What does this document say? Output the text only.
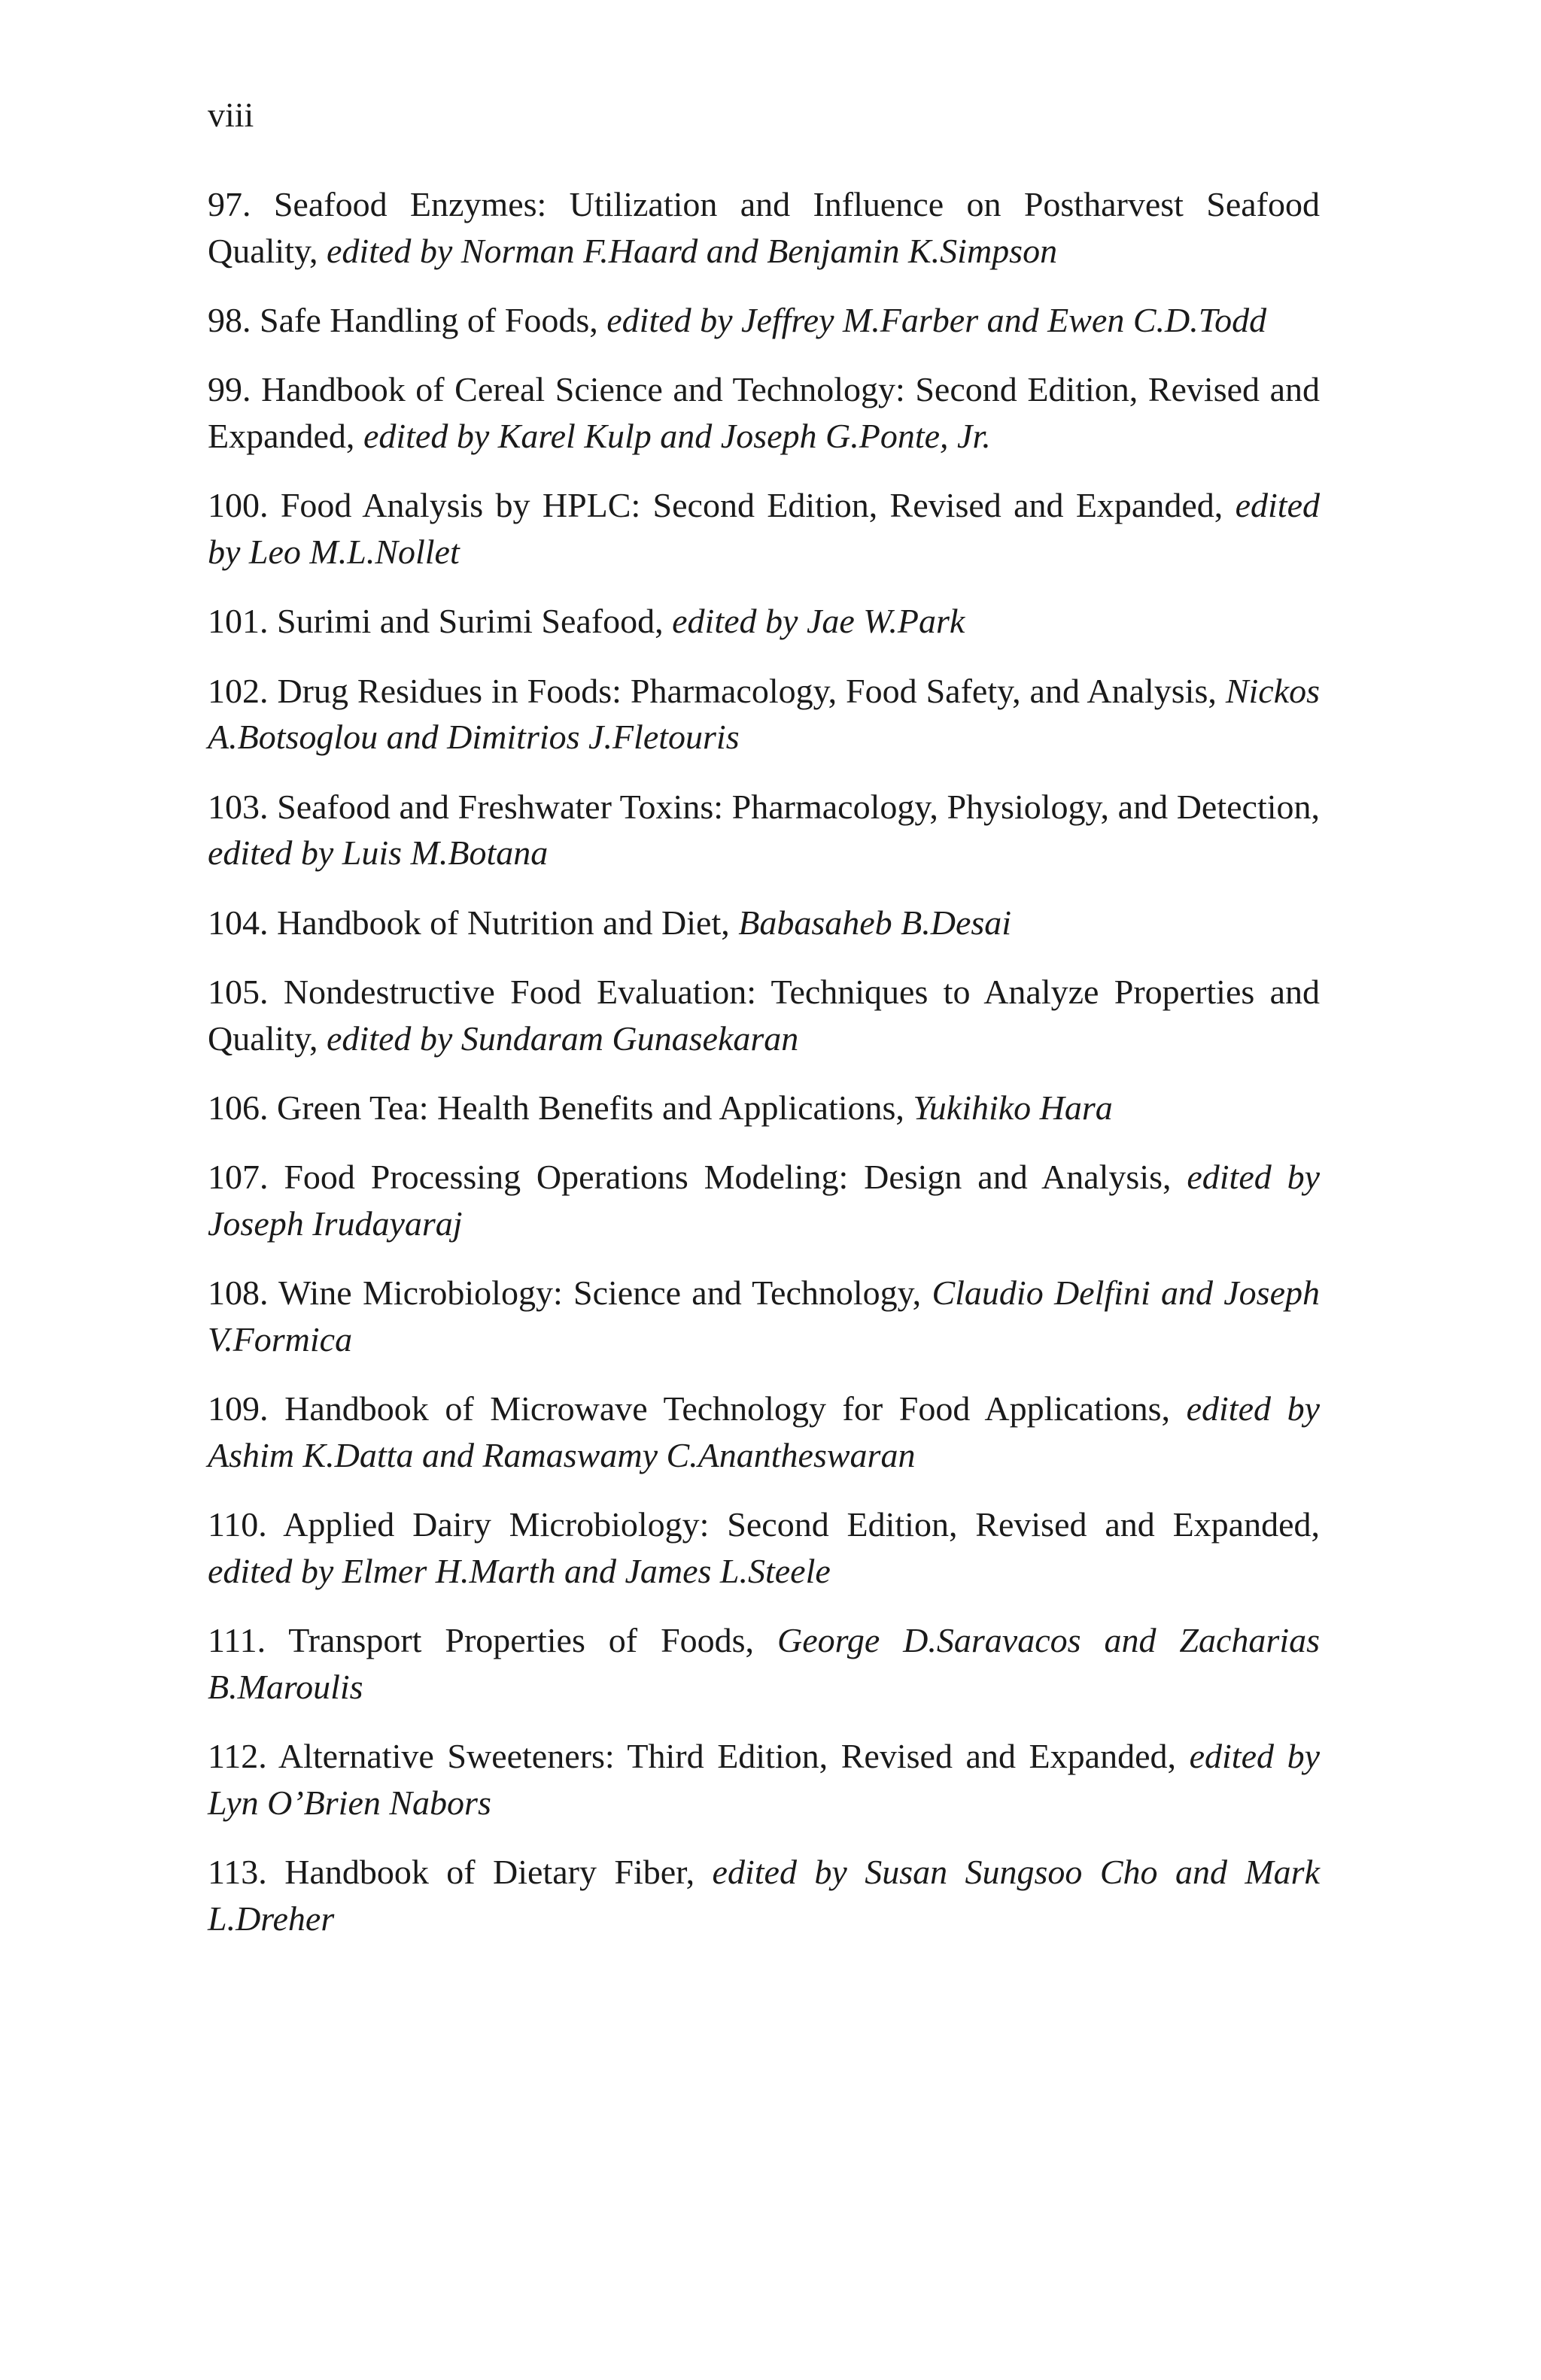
viii

97. Seafood Enzymes: Utilization and Influence on Postharvest Seafood Quality, edited by Norman F.Haard and Benjamin K.Simpson

98. Safe Handling of Foods, edited by Jeffrey M.Farber and Ewen C.D.Todd

99. Handbook of Cereal Science and Technology: Second Edition, Revised and Expanded, edited by Karel Kulp and Joseph G.Ponte, Jr.

100. Food Analysis by HPLC: Second Edition, Revised and Expanded, edited by Leo M.L.Nollet

101. Surimi and Surimi Seafood, edited by Jae W.Park

102. Drug Residues in Foods: Pharmacology, Food Safety, and Analysis, Nickos A.Botsoglou and Dimitrios J.Fletouris

103. Seafood and Freshwater Toxins: Pharmacology, Physiology, and Detection, edited by Luis M.Botana

104. Handbook of Nutrition and Diet, Babasaheb B.Desai

105. Nondestructive Food Evaluation: Techniques to Analyze Properties and Quality, edited by Sundaram Gunasekaran

106. Green Tea: Health Benefits and Applications, Yukihiko Hara

107. Food Processing Operations Modeling: Design and Analysis, edited by Joseph Irudayaraj

108. Wine Microbiology: Science and Technology, Claudio Delfini and Joseph V.Formica

109. Handbook of Microwave Technology for Food Applications, edited by Ashim K.Datta and Ramaswamy C.Anantheswaran

110. Applied Dairy Microbiology: Second Edition, Revised and Expanded, edited by Elmer H.Marth and James L.Steele

111. Transport Properties of Foods, George D.Saravacos and Zacharias B.Maroulis

112. Alternative Sweeteners: Third Edition, Revised and Expanded, edited by Lyn O’Brien Nabors

113. Handbook of Dietary Fiber, edited by Susan Sungsoo Cho and Mark L.Dreher
